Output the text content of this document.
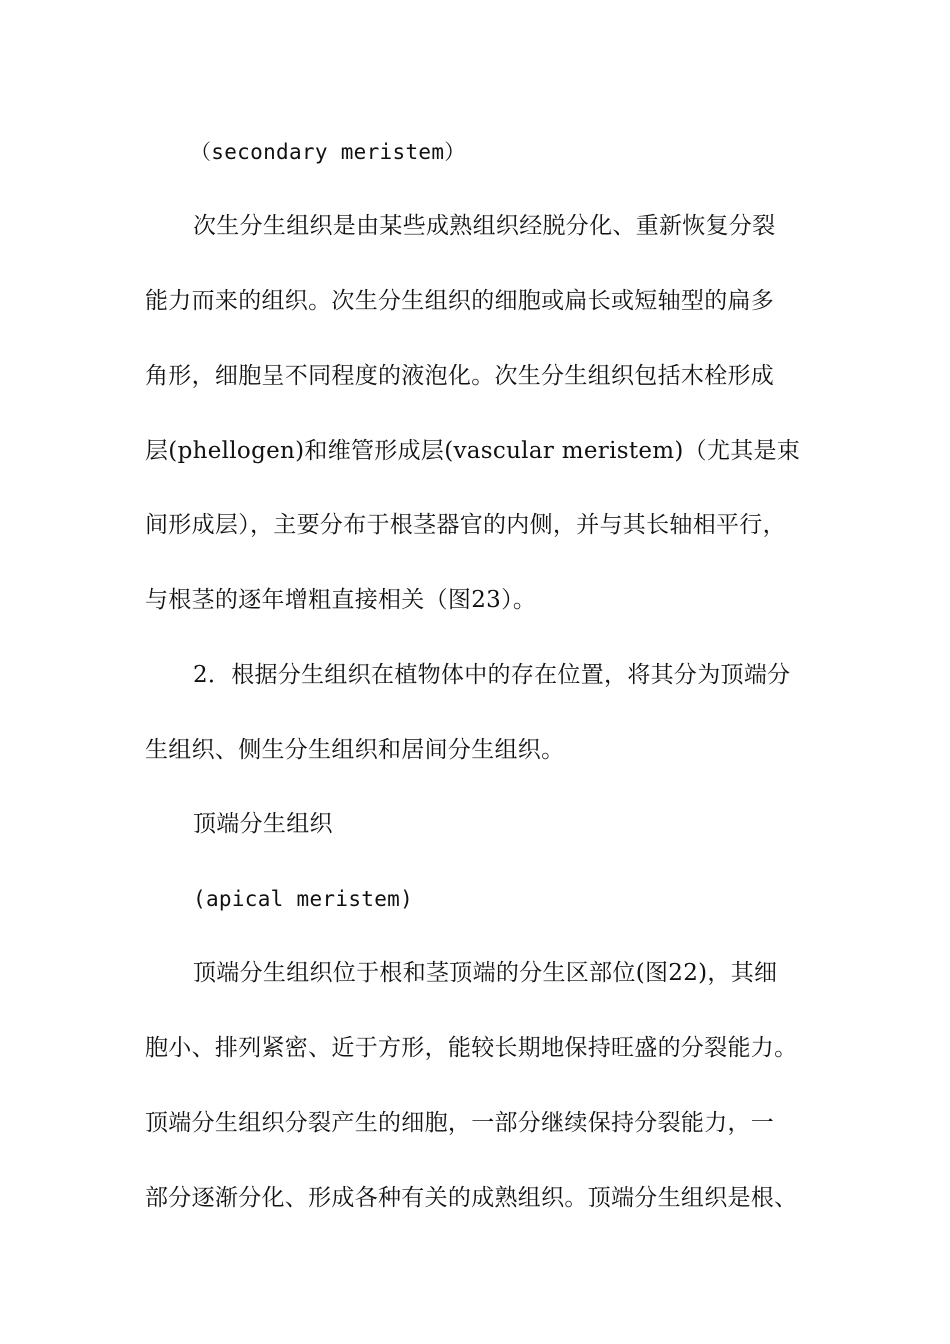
（secondary meristem）
次生分生组织是由某些成熟组织经脱分化、重新恢复分裂
能力而来的组织。次生分生组织的细胞或扁长或短轴型的扁多
角形，细胞呈不同程度的液泡化。次生分生组织包括木栓形成
层(phellogen)和维管形成层(vascular meristem)（尤其是束
间形成层），主要分布于根茎器官的内侧，并与其长轴相平行，
与根茎的逐年增粗直接相关（图23）。
2．根据分生组织在植物体中的存在位置，将其分为顶端分
生组织、侧生分生组织和居间分生组织。
顶端分生组织
(apical meristem)
顶端分生组织位于根和茎顶端的分生区部位(图22)，其细
胞小、排列紧密、近于方形，能较长期地保持旺盛的分裂能力。
顶端分生组织分裂产生的细胞，一部分继续保持分裂能力，一
部分逐渐分化、形成各种有关的成熟组织。顶端分生组织是根、
